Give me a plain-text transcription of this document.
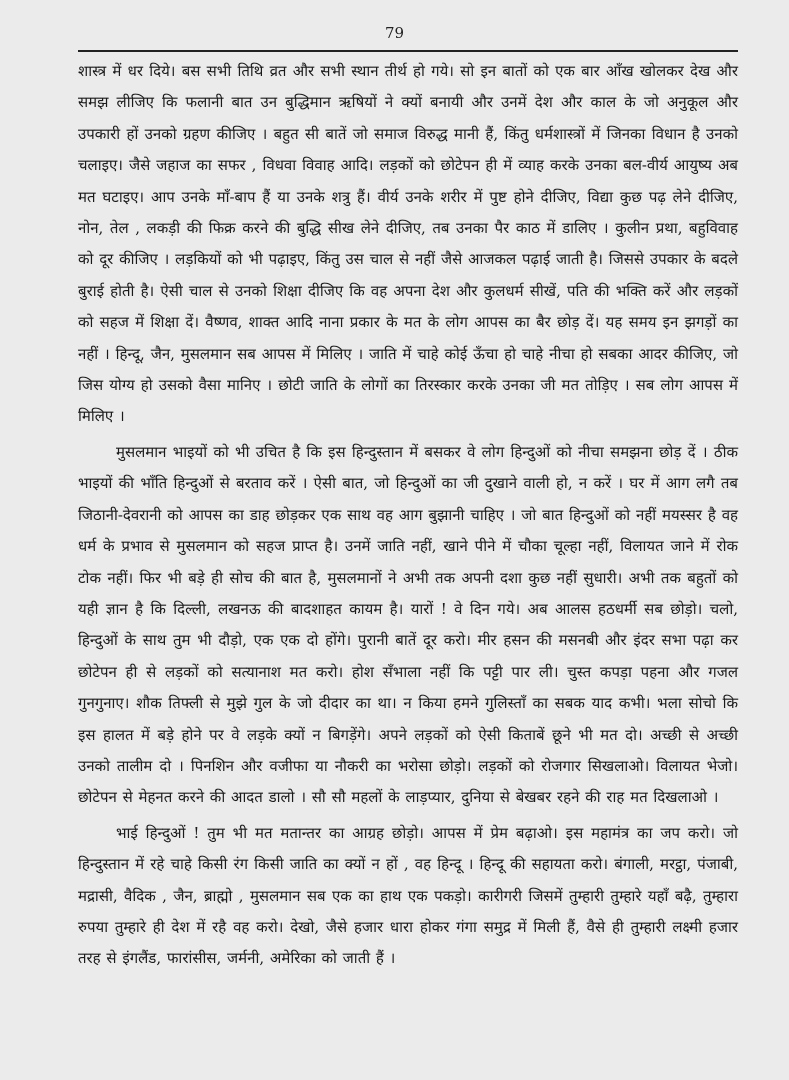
79

शास्त्र में धर दिये। बस सभी तिथि व्रत और सभी स्थान तीर्थ हो गये। सो इन बातों को एक बार आँख खोलकर देख और समझ लीजिए कि फलानी बात उन बुद्धिमान ऋषियों ने क्यों बनायी और उनमें देश और काल के जो अनुकूल और उपकारी हों उनको ग्रहण कीजिए । बहुत सी बातें जो समाज विरुद्ध मानी हैं, किंतु धर्मशास्त्रों में जिनका विधान है उनको चलाइए। जैसे जहाज का सफर , विधवा विवाह आदि। लड़कों को छोटेपन ही में व्याह करके उनका बल-वीर्य आयुष्य अब मत घटाइए। आप उनके माँ-बाप हैं या उनके शत्रु हैं। वीर्य उनके शरीर में पुष्ट होने दीजिए, विद्या कुछ पढ़ लेने दीजिए, नोन, तेल , लकड़ी की फिक्र करने की बुद्धि सीख लेने दीजिए, तब उनका पैर काठ में डालिए । कुलीन प्रथा, बहुविवाह को दूर कीजिए । लड़कियों को भी पढ़ाइए, किंतु उस चाल से नहीं जैसे आजकल पढ़ाई जाती है। जिससे उपकार के बदले बुराई होती है। ऐसी चाल से उनको शिक्षा दीजिए कि वह अपना देश और कुलधर्म सीखें, पति की भक्ति करें और लड़कों को सहज में शिक्षा दें। वैष्णव, शाक्त आदि नाना प्रकार के मत के लोग आपस का बैर छोड़ दें। यह समय इन झगड़ों का नहीं । हिन्दू, जैन, मुसलमान सब आपस में मिलिए । जाति में चाहे कोई ऊँचा हो चाहे नीचा हो सबका आदर कीजिए, जो जिस योग्य हो उसको वैसा मानिए । छोटी जाति के लोगों का तिरस्कार करके उनका जी मत तोड़िए । सब लोग आपस में मिलिए ।

मुसलमान भाइयों को भी उचित है कि इस हिन्दुस्तान में बसकर वे लोग हिन्दुओं को नीचा समझना छोड़ दें । ठीक भाइयों की भाँति हिन्दुओं से बरताव करें । ऐसी बात, जो हिन्दुओं का जी दुखाने वाली हो, न करें । घर में आग लगै तब जिठानी-देवरानी को आपस का डाह छोड़कर एक साथ वह आग बुझानी चाहिए । जो बात हिन्दुओं को नहीं मयस्सर है वह धर्म के प्रभाव से मुसलमान को सहज प्राप्त है। उनमें जाति नहीं, खाने पीने में चौका चूल्हा नहीं, विलायत जाने में रोक टोक नहीं। फिर भी बड़े ही सोच की बात है, मुसलमानों ने अभी तक अपनी दशा कुछ नहीं सुधारी। अभी तक बहुतों को यही ज्ञान है कि दिल्ली, लखनऊ की बादशाहत कायम है। यारों ! वे दिन गये। अब आलस हठधर्मी सब छोड़ो। चलो, हिन्दुओं के साथ तुम भी दौड़ो, एक एक दो होंगे। पुरानी बातें दूर करो। मीर हसन की मसनबी और इंदर सभा पढ़ा कर छोटेपन ही से लड़कों को सत्यानाश मत करो। होश सँभाला नहीं कि पट्टी पार ली। चुस्त कपड़ा पहना और गजल गुनगुनाए। शौक तिफ्ली से मुझे गुल के जो दीदार का था। न किया हमने गुलिस्ताँ का सबक याद कभी। भला सोचो कि इस हालत में बड़े होने पर वे लड़के क्यों न बिगड़ेंगे। अपने लड़कों को ऐसी किताबें छूने भी मत दो। अच्छी से अच्छी उनको तालीम दो । पिनशिन और वजीफा या नौकरी का भरोसा छोड़ो। लड़कों को रोजगार सिखलाओ। विलायत भेजो। छोटेपन से मेहनत करने की आदत डालो । सौ सौ महलों के लाड़प्यार, दुनिया से बेखबर रहने की राह मत दिखलाओ ।

भाई हिन्दुओं ! तुम भी मत मतान्तर का आग्रह छोड़ो। आपस में प्रेम बढ़ाओ। इस महामंत्र का जप करो। जो हिन्दुस्तान में रहे चाहे किसी रंग किसी जाति का क्यों न हों , वह हिन्दू । हिन्दू की सहायता करो। बंगाली, मरट्ठा, पंजाबी, मद्रासी, वैदिक , जैन, ब्राह्मो , मुसलमान सब एक का हाथ एक पकड़ो। कारीगरी जिसमें तुम्हारी तुम्हारे यहाँ बढ़ै, तुम्हारा रुपया तुम्हारे ही देश में रहै वह करो। देखो, जैसे हजार धारा होकर गंगा समुद्र में मिली हैं, वैसे ही तुम्हारी लक्ष्मी हजार तरह से इंगलैंड, फारांसीस, जर्मनी, अमेरिका को जाती हैं ।
